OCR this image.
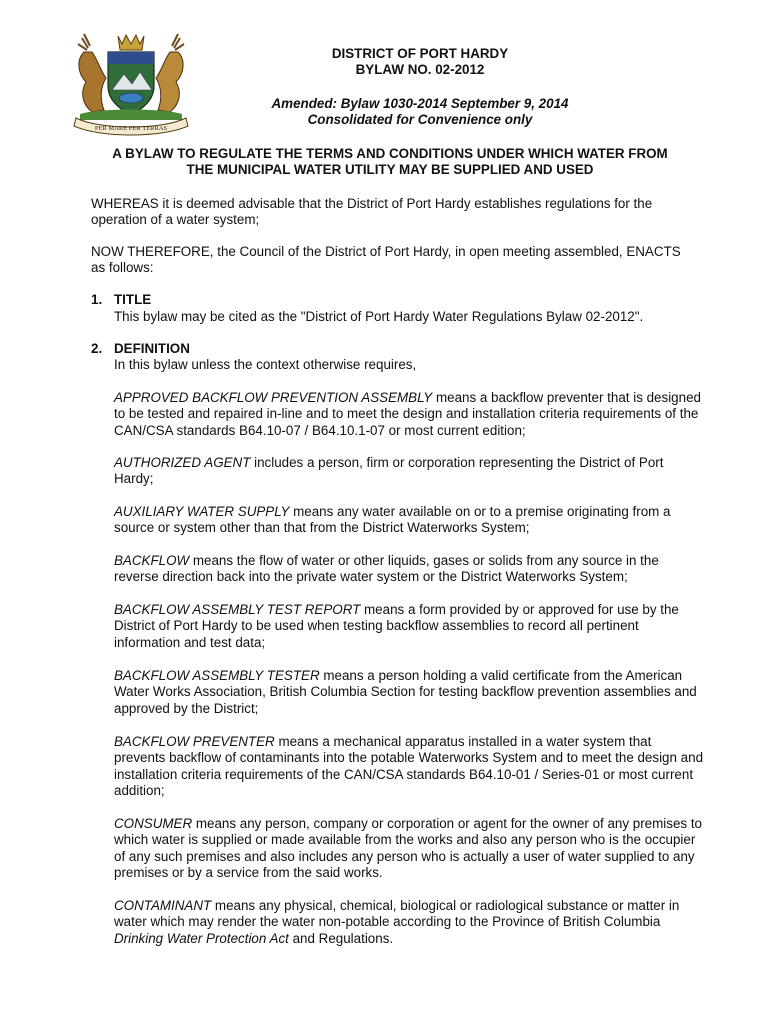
PER MARE PER TERRAS
DISTRICT OF PORT HARDY
BYLAW NO. 02-2012
Amended: Bylaw 1030-2014 September 9, 2014
Consolidated for Convenience only
A BYLAW TO REGULATE THE TERMS AND CONDITIONS UNDER WHICH WATER FROM
THE MUNICIPAL WATER UTILITY MAY BE SUPPLIED AND USED
WHEREAS it is deemed advisable that the District of Port Hardy establishes regulations for the operation of a water system;
NOW THEREFORE, the Council of the District of Port Hardy, in open meeting assembled, ENACTS as follows:
1. TITLE
This bylaw may be cited as the "District of Port Hardy Water Regulations Bylaw 02-2012".
2. DEFINITION
In this bylaw unless the context otherwise requires,
APPROVED BACKFLOW PREVENTION ASSEMBLY means a backflow preventer that is designed to be tested and repaired in-line and to meet the design and installation criteria requirements of the CAN/CSA standards B64.10-07 / B64.10.1-07 or most current edition;
AUTHORIZED AGENT includes a person, firm or corporation representing the District of Port Hardy;
AUXILIARY WATER SUPPLY means any water available on or to a premise originating from a source or system other than that from the District Waterworks System;
BACKFLOW means the flow of water or other liquids, gases or solids from any source in the reverse direction back into the private water system or the District Waterworks System;
BACKFLOW ASSEMBLY TEST REPORT means a form provided by or approved for use by the District of Port Hardy to be used when testing backflow assemblies to record all pertinent information and test data;
BACKFLOW ASSEMBLY TESTER means a person holding a valid certificate from the American Water Works Association, British Columbia Section for testing backflow prevention assemblies and approved by the District;
BACKFLOW PREVENTER means a mechanical apparatus installed in a water system that prevents backflow of contaminants into the potable Waterworks System and to meet the design and installation criteria requirements of the CAN/CSA standards B64.10-01 / Series-01 or most current addition;
CONSUMER means any person, company or corporation or agent for the owner of any premises to which water is supplied or made available from the works and also any person who is the occupier of any such premises and also includes any person who is actually a user of water supplied to any premises or by a service from the said works.
CONTAMINANT means any physical, chemical, biological or radiological substance or matter in water which may render the water non-potable according to the Province of British Columbia Drinking Water Protection Act and Regulations.
